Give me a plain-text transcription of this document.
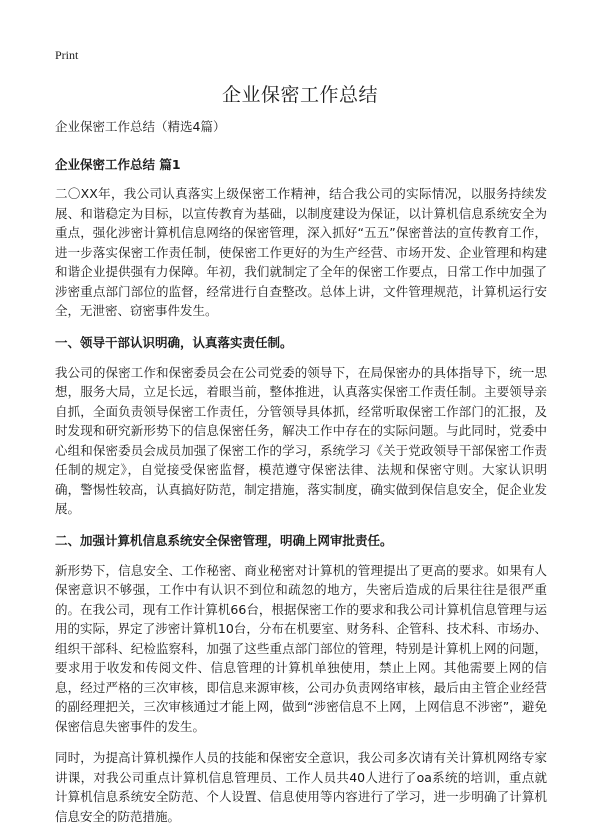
Print
企业保密工作总结

企业保密工作总结（精选4篇）

企业保密工作总结 篇1

二〇XX年，我公司认真落实上级保密工作精神，结合我公司的实际情况，以服务持续发展、和谐稳定为目标，以宣传教育为基础，以制度建设为保证，以计算机信息系统安全为重点，强化涉密计算机信息网络的保密管理，深入抓好“五五”保密普法的宣传教育工作，进一步落实保密工作责任制，使保密工作更好的为生产经营、市场开发、企业管理和构建和谐企业提供强有力保障。年初，我们就制定了全年的保密工作要点，日常工作中加强了涉密重点部门部位的监督，经常进行自查整改。总体上讲，文件管理规范，计算机运行安全，无泄密、窃密事件发生。

一、领导干部认识明确，认真落实责任制。

我公司的保密工作和保密委员会在公司党委的领导下，在局保密办的具体指导下，统一思想，服务大局，立足长远，着眼当前，整体推进，认真落实保密工作责任制。主要领导亲自抓，全面负责领导保密工作责任，分管领导具体抓，经常听取保密工作部门的汇报，及时发现和研究新形势下的信息保密任务，解决工作中存在的实际问题。与此同时，党委中心组和保密委员会成员加强了保密工作的学习，系统学习《关于党政领导干部保密工作责任制的规定》，自觉接受保密监督，模范遵守保密法律、法规和保密守则。大家认识明确，警惕性较高，认真搞好防范，制定措施，落实制度，确实做到保信息安全，促企业发展。

二、加强计算机信息系统安全保密管理，明确上网审批责任。

新形势下，信息安全、工作秘密、商业秘密对计算机的管理提出了更高的要求。如果有人保密意识不够强，工作中有认识不到位和疏忽的地方，失密后造成的后果往往是很严重的。在我公司，现有工作计算机66台，根据保密工作的要求和我公司计算机信息管理与运用的实际，界定了涉密计算机10台，分布在机要室、财务科、企管科、技术科、市场办、组织干部科、纪检监察科，加强了这些重点部门部位的管理，特别是计算机上网的问题，要求用于收发和传阅文件、信息管理的计算机单独使用，禁止上网。其他需要上网的信息，经过严格的三次审核，即信息来源审核，公司办负责网络审核，最后由主管企业经营的副经理把关，三次审核通过才能上网，做到“涉密信息不上网，上网信息不涉密”，避免保密信息失密事件的发生。

同时，为提高计算机操作人员的技能和保密安全意识，我公司多次请有关计算机网络专家讲课，对我公司重点计算机信息管理员、工作人员共40人进行了oa系统的培训，重点就计算机信息系统安全防范、个人设置、信息使用等内容进行了学习，进一步明确了计算机信息安全的防范措施。
